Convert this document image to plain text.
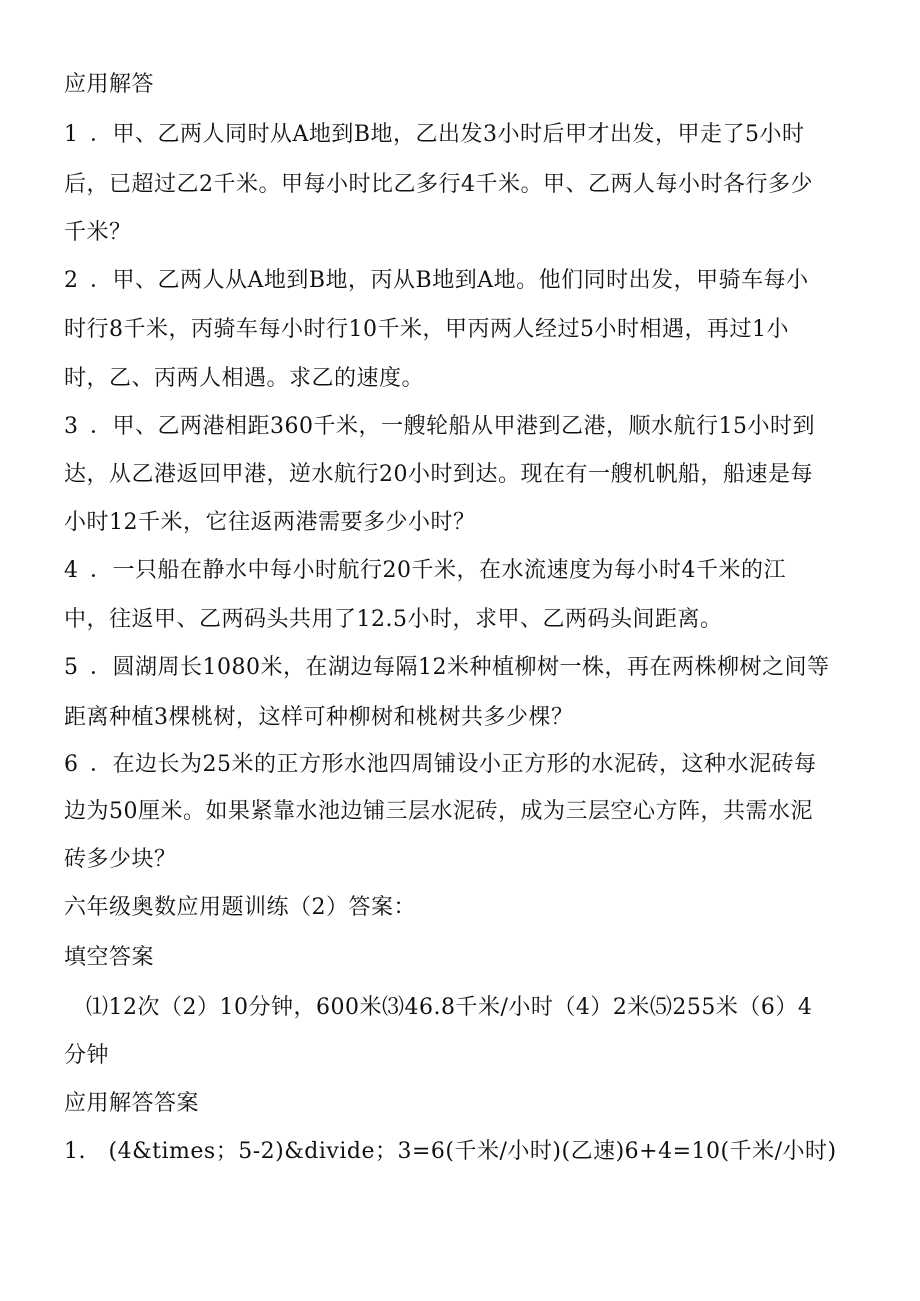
应用解答
1 ．甲、乙两人同时从A地到B地，乙出发3小时后甲才出发，甲走了5小时
后，已超过乙2千米。甲每小时比乙多行4千米。甲、乙两人每小时各行多少
千米？
2 ．甲、乙两人从A地到B地，丙从B地到A地。他们同时出发，甲骑车每小
时行8千米，丙骑车每小时行10千米，甲丙两人经过5小时相遇，再过1小
时，乙、丙两人相遇。求乙的速度。
3 ．甲、乙两港相距360千米，一艘轮船从甲港到乙港，顺水航行15小时到
达，从乙港返回甲港，逆水航行20小时到达。现在有一艘机帆船，船速是每
小时12千米，它往返两港需要多少小时？
4 ．一只船在静水中每小时航行20千米，在水流速度为每小时4千米的江
中，往返甲、乙两码头共用了12.5小时，求甲、乙两码头间距离。
5 ．圆湖周长1080米，在湖边每隔12米种植柳树一株，再在两株柳树之间等
距离种植3棵桃树，这样可种柳树和桃树共多少棵？
6 ．在边长为25米的正方形水池四周铺设小正方形的水泥砖，这种水泥砖每
边为50厘米。如果紧靠水池边铺三层水泥砖，成为三层空心方阵，共需水泥
砖多少块？
六年级奥数应用题训练（2）答案：
填空答案
⑴12次（2）10分钟，600米⑶46.8千米/小时（4）2米⑸255米（6）4
分钟
应用解答答案
1.　(4&times；5-2)&divide；3=6(千米/小时)(乙速)6+4=10(千米/小时)
